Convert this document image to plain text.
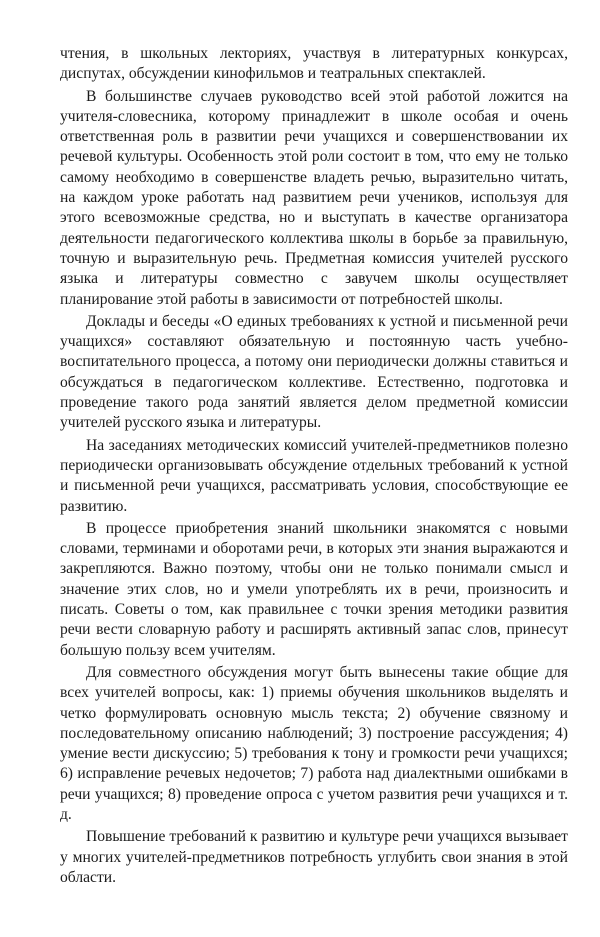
чтения, в школьных лекториях, участвуя в литературных конкурсах, диспутах, обсуждении кинофильмов и театральных спектаклей.

В большинстве случаев руководство всей этой работой ложится на учителя-словесника, которому принадлежит в школе особая и очень ответственная роль в развитии речи учащихся и совершенствовании их речевой культуры. Особенность этой роли состоит в том, что ему не только самому необходимо в совершенстве владеть речью, выразительно читать, на каждом уроке работать над развитием речи учеников, используя для этого всевозможные средства, но и выступать в качестве организатора деятельности педагогического коллектива школы в борьбе за правильную, точную и выразительную речь. Предметная комиссия учителей русского языка и литературы совместно с завучем школы осуществляет планирование этой работы в зависимости от потребностей школы.

Доклады и беседы «О единых требованиях к устной и письменной речи учащихся» составляют обязательную и постоянную часть учебно-воспитательного процесса, а потому они периодически должны ставиться и обсуждаться в педагогическом коллективе. Естественно, подготовка и проведение такого рода занятий является делом предметной комиссии учителей русского языка и литературы.

На заседаниях методических комиссий учителей-предметников полезно периодически организовывать обсуждение отдельных требований к устной и письменной речи учащихся, рассматривать условия, способствующие ее развитию.

В процессе приобретения знаний школьники знакомятся с новыми словами, терминами и оборотами речи, в которых эти знания выражаются и закрепляются. Важно поэтому, чтобы они не только понимали смысл и значение этих слов, но и умели употреблять их в речи, произносить и писать. Советы о том, как правильнее с точки зрения методики развития речи вести словарную работу и расширять активный запас слов, принесут большую пользу всем учителям.

Для совместного обсуждения могут быть вынесены такие общие для всех учителей вопросы, как: 1) приемы обучения школьников выделять и четко формулировать основную мысль текста; 2) обучение связному и последовательному описанию наблюдений; 3) построение рассуждения; 4) умение вести дискуссию; 5) требования к тону и громкости речи учащихся; 6) исправление речевых недочетов; 7) работа над диалектными ошибками в речи учащихся; 8) проведение опроса с учетом развития речи учащихся и т. д.

Повышение требований к развитию и культуре речи учащихся вызывает у многих учителей-предметников потребность углубить свои знания в этой области.
